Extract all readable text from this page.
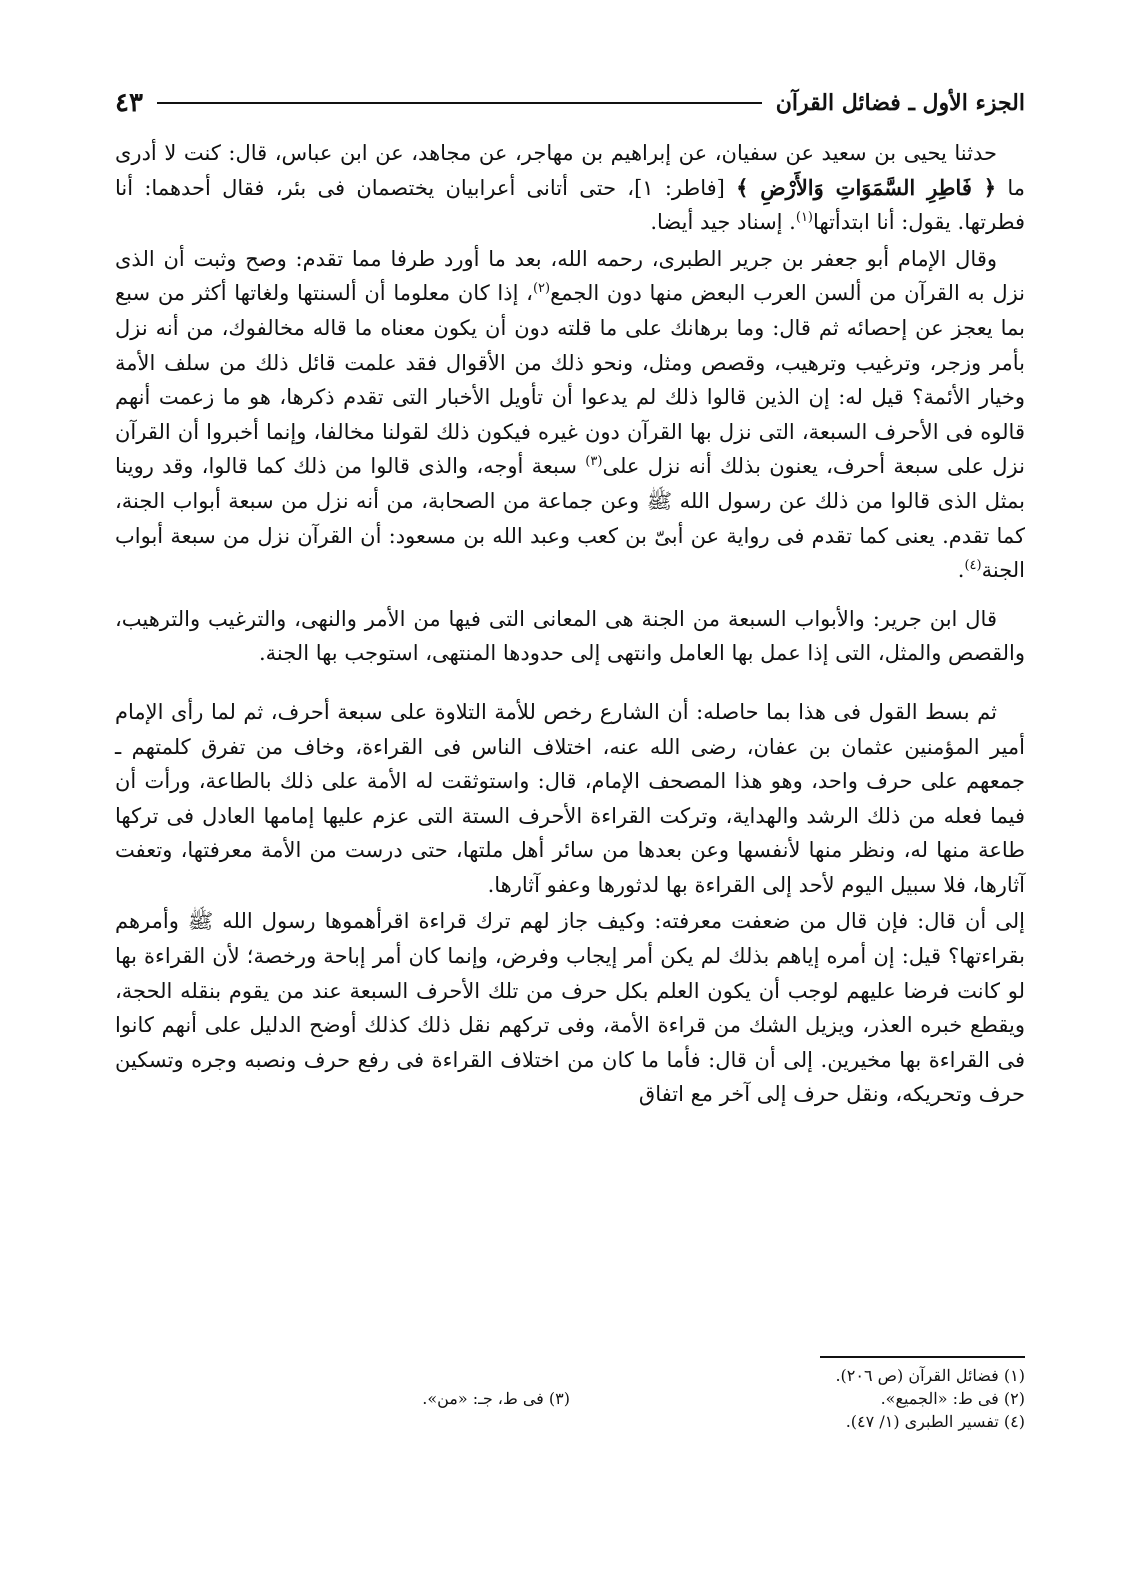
الجزء الأول ـ فضائل القرآن
٤٣

حدثنا يحيى بن سعيد عن سفيان، عن إبراهيم بن مهاجر، عن مجاهد، عن ابن عباس، قال: كنت لا أدرى ما ﴿ فَاطِرِ السَّمَوَاتِ وَالأَرْضِ ﴾ [فاطر: ١]، حتى أتانى أعرابيان يختصمان فى بئر، فقال أحدهما: أنا فطرتها. يقول: أنا ابتدأتها$^{(١)}$. إسناد جيد أيضا.

وقال الإمام أبو جعفر بن جرير الطبرى، رحمه الله، بعد ما أورد طرفا مما تقدم: وصح وثبت أن الذى نزل به القرآن من ألسن العرب البعض منها دون الجمع$^{(٢)}$، إذا كان معلوما أن ألسنتها ولغاتها أكثر من سبع بما يعجز عن إحصائه ثم قال: وما برهانك على ما قلته دون أن يكون معناه ما قاله مخالفوك، من أنه نزل بأمر وزجر، وترغيب وترهيب، وقصص ومثل، ونحو ذلك من الأقوال فقد علمت قائل ذلك من سلف الأمة وخيار الأئمة؟ قيل له: إن الذين قالوا ذلك لم يدعوا أن تأويل الأخبار التى تقدم ذكرها، هو ما زعمت أنهم قالوه فى الأحرف السبعة، التى نزل بها القرآن دون غيره فيكون ذلك لقولنا مخالفا، وإنما أخبروا أن القرآن نزل على سبعة أحرف، يعنون بذلك أنه نزل على$^{(٣)}$ سبعة أوجه، والذى قالوا من ذلك كما قالوا، وقد روينا بمثل الذى قالوا من ذلك عن رسول الله ﷺ وعن جماعة من الصحابة، من أنه نزل من سبعة أبواب الجنة، كما تقدم. يعنى كما تقدم فى رواية عن أبىّ بن كعب وعبد الله بن مسعود: أن القرآن نزل من سبعة أبواب الجنة$^{(٤)}$.

قال ابن جرير: والأبواب السبعة من الجنة هى المعانى التى فيها من الأمر والنهى، والترغيب والترهيب، والقصص والمثل، التى إذا عمل بها العامل وانتهى إلى حدودها المنتهى، استوجب بها الجنة.

ثم بسط القول فى هذا بما حاصله: أن الشارع رخص للأمة التلاوة على سبعة أحرف، ثم لما رأى الإمام أمير المؤمنين عثمان بن عفان، رضى الله عنه، اختلاف الناس فى القراءة، وخاف من تفرق كلمتهم ـ جمعهم على حرف واحد، وهو هذا المصحف الإمام، قال: واستوثقت له الأمة على ذلك بالطاعة، ورأت أن فيما فعله من ذلك الرشد والهداية، وتركت القراءة الأحرف الستة التى عزم عليها إمامها العادل فى تركها طاعة منها له، ونظر منها لأنفسها وعن بعدها من سائر أهل ملتها، حتى درست من الأمة معرفتها، وتعفت آثارها، فلا سبيل اليوم لأحد إلى القراءة بها لدثورها وعفو آثارها.

إلى أن قال: فإن قال من ضعفت معرفته: وكيف جاز لهم ترك قراءة اقرأهموها رسول الله ﷺ وأمرهم بقراءتها؟ قيل: إن أمره إياهم بذلك لم يكن أمر إيجاب وفرض، وإنما كان أمر إباحة ورخصة؛ لأن القراءة بها لو كانت فرضا عليهم لوجب أن يكون العلم بكل حرف من تلك الأحرف السبعة عند من يقوم بنقله الحجة، ويقطع خبره العذر، ويزيل الشك من قراءة الأمة، وفى تركهم نقل ذلك كذلك أوضح الدليل على أنهم كانوا فى القراءة بها مخيرين. إلى أن قال: فأما ما كان من اختلاف القراءة فى رفع حرف ونصبه وجره وتسكين حرف وتحريكه، ونقل حرف إلى آخر مع اتفاق

(١) فضائل القرآن (ص ٢٠٦).
(٢) فى ط: «الجميع».
(٣) فى ط، جـ: «من».
(٤) تفسير الطبرى (١/ ٤٧).
